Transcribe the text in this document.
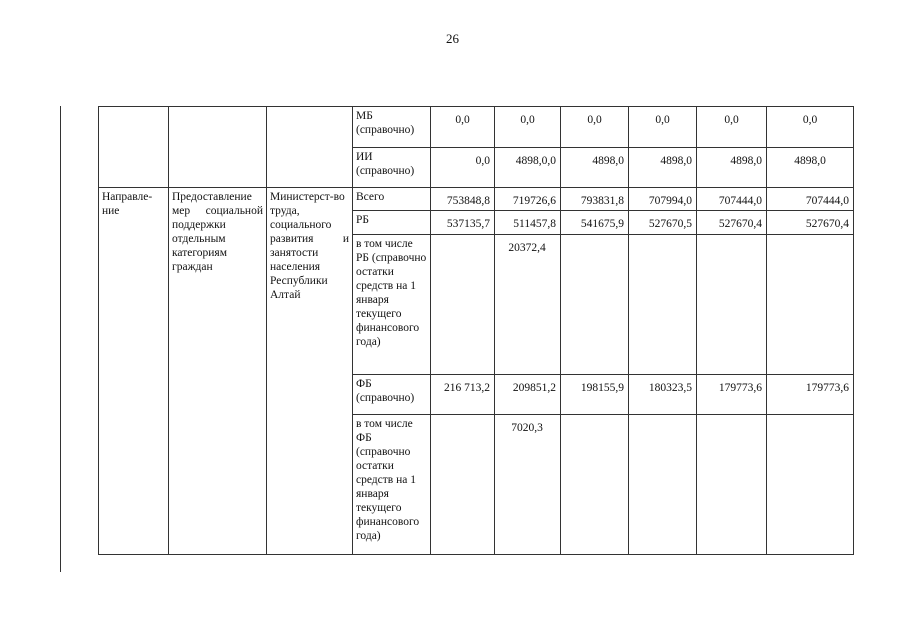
26
			МБ (справочно)	0,0	0,0	0,0	0,0	0,0	0,0
			ИИ (справочно)	0,0	4898,0,0	4898,0	4898,0	4898,0	4898,0
Направле-ние	Предоставление мер социальной поддержки отдельным категориям граждан	Министерст-во труда, социального развития и занятости населения Республики Алтай	Всего	753848,8	719726,6	793831,8	707994,0	707444,0	707444,0
			РБ	537135,7	511457,8	541675,9	527670,5	527670,4	527670,4
			в том числе РБ (справочно остатки средств на 1 января текущего финансового года)		20372,4				
			ФБ (справочно)	216 713,2	209851,2	198155,9	180323,5	179773,6	179773,6
			в том числе ФБ (справочно остатки средств на 1 января текущего финансового года)		7020,3				
